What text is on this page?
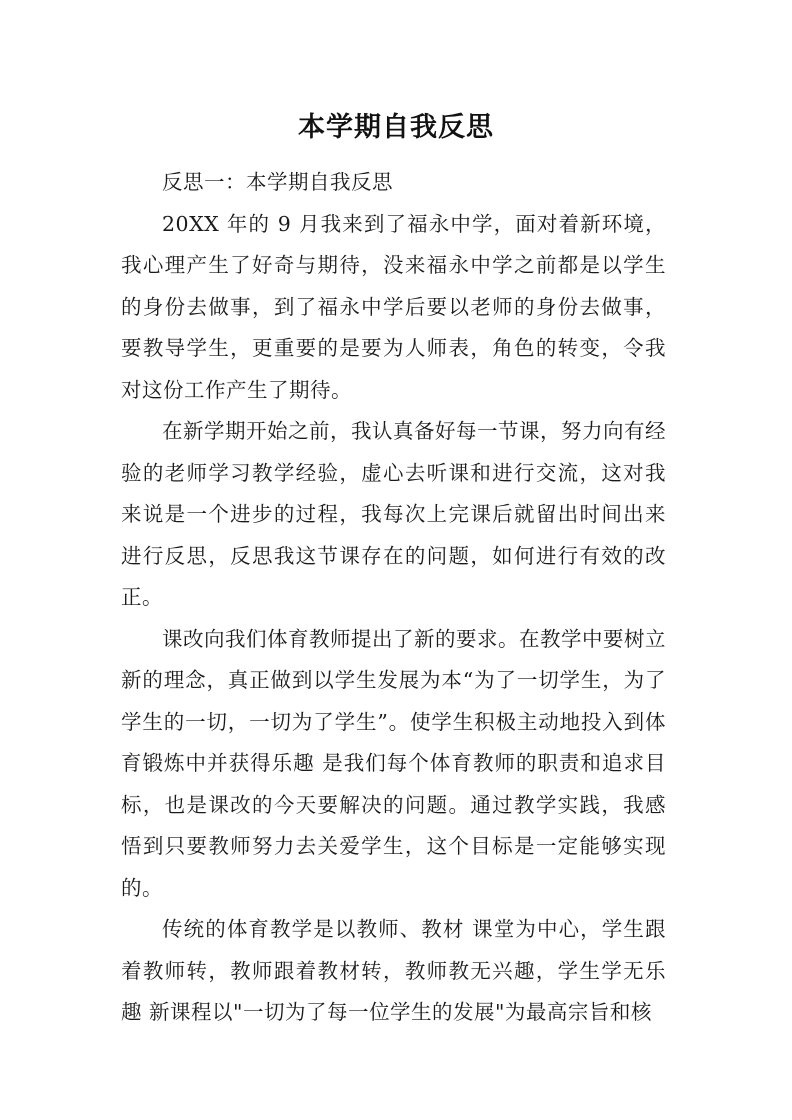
本学期自我反思

反思一：本学期自我反思

20XX 年的 9 月我来到了福永中学，面对着新环境，我心理产生了好奇与期待，没来福永中学之前都是以学生的身份去做事，到了福永中学后要以老师的身份去做事，要教导学生，更重要的是要为人师表，角色的转变，令我对这份工作产生了期待。

在新学期开始之前，我认真备好每一节课，努力向有经验的老师学习教学经验，虚心去听课和进行交流，这对我来说是一个进步的过程，我每次上完课后就留出时间出来进行反思，反思我这节课存在的问题，如何进行有效的改正。

课改向我们体育教师提出了新的要求。在教学中要树立新的理念，真正做到以学生发展为本“为了一切学生，为了学生的一切，一切为了学生”。使学生积极主动地投入到体育锻炼中并获得乐趣 是我们每个体育教师的职责和追求目标，也是课改的今天要解决的问题。通过教学实践，我感悟到只要教师努力去关爱学生，这个目标是一定能够实现的。

传统的体育教学是以教师、教材 课堂为中心，学生跟着教师转，教师跟着教材转，教师教无兴趣，学生学无乐趣 新课程以"一切为了每一位学生的发展"为最高宗旨和核
